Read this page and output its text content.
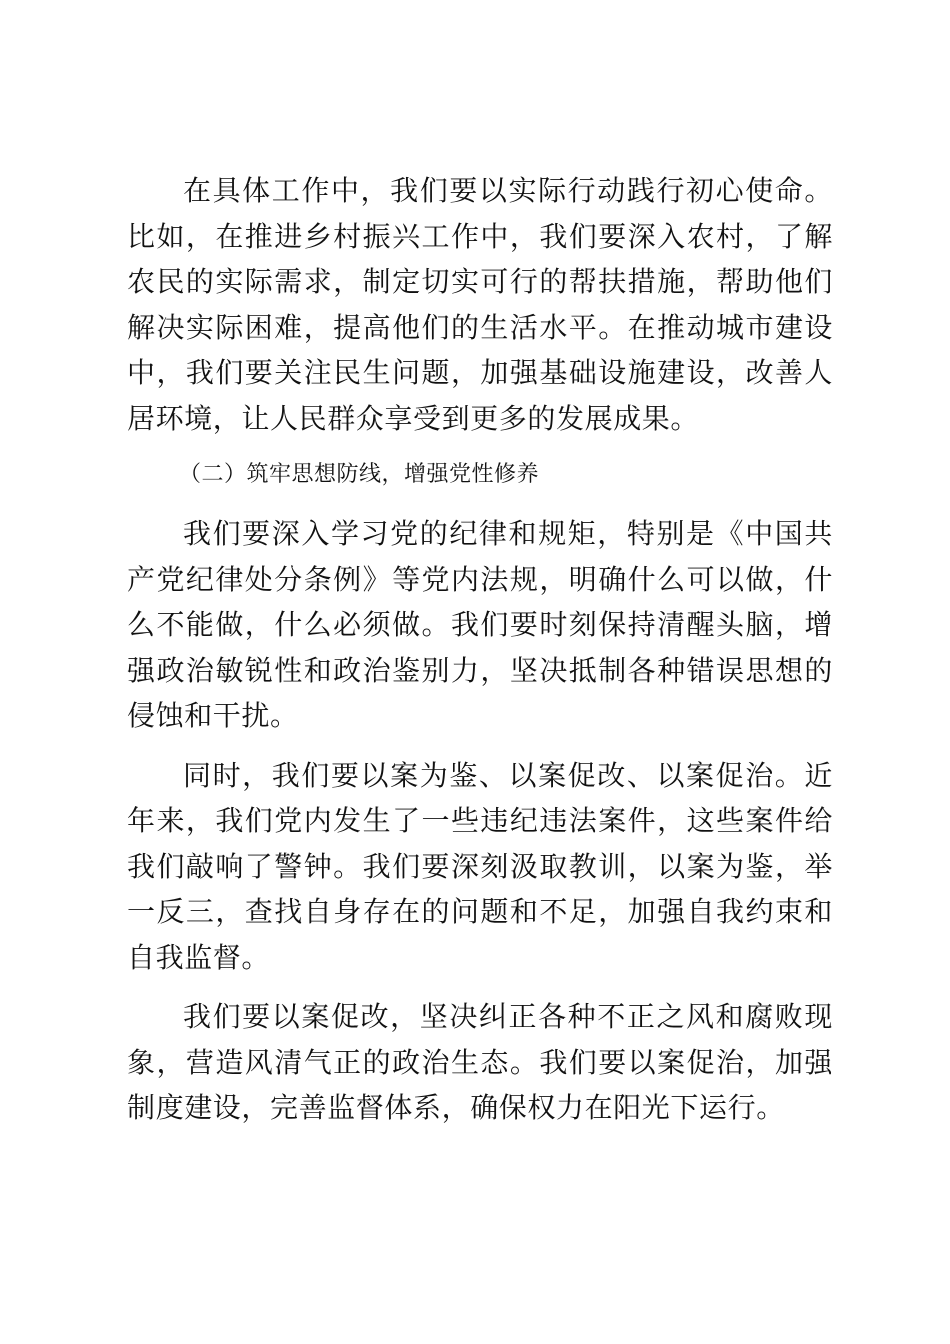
在具体工作中，我们要以实际行动践行初心使命。比如，在推进乡村振兴工作中，我们要深入农村，了解农民的实际需求，制定切实可行的帮扶措施，帮助他们解决实际困难，提高他们的生活水平。在推动城市建设中，我们要关注民生问题，加强基础设施建设，改善人居环境，让人民群众享受到更多的发展成果。

（二）筑牢思想防线，增强党性修养

我们要深入学习党的纪律和规矩，特别是《中国共产党纪律处分条例》等党内法规，明确什么可以做，什么不能做，什么必须做。我们要时刻保持清醒头脑，增强政治敏锐性和政治鉴别力，坚决抵制各种错误思想的侵蚀和干扰。

同时，我们要以案为鉴、以案促改、以案促治。近年来，我们党内发生了一些违纪违法案件，这些案件给我们敲响了警钟。我们要深刻汲取教训，以案为鉴，举一反三，查找自身存在的问题和不足，加强自我约束和自我监督。

我们要以案促改，坚决纠正各种不正之风和腐败现象，营造风清气正的政治生态。我们要以案促治，加强制度建设，完善监督体系，确保权力在阳光下运行。
